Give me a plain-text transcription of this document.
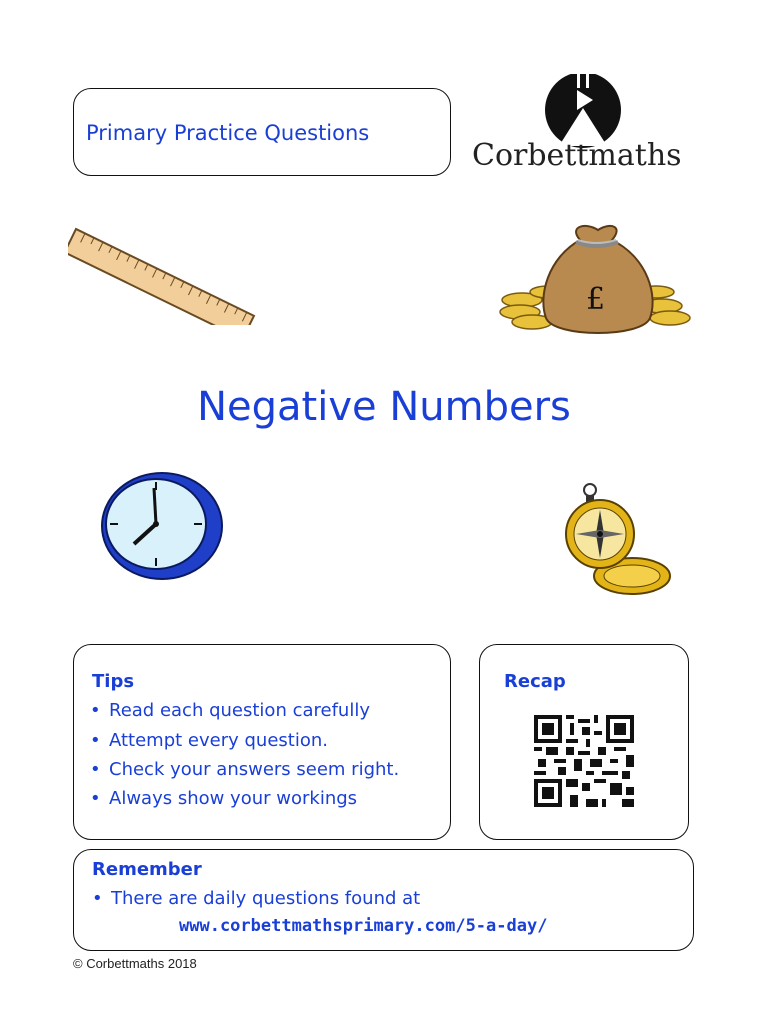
Primary Practice Questions
Corbettmaths
£
Negative Numbers
Tips
• Read each question carefully
• Attempt every question.
• Check your answers seem right.
• Always show your workings
Recap
Remember
• There are daily questions found at
www.corbettmathsprimary.com/5-a-day/
© Corbettmaths 2018
